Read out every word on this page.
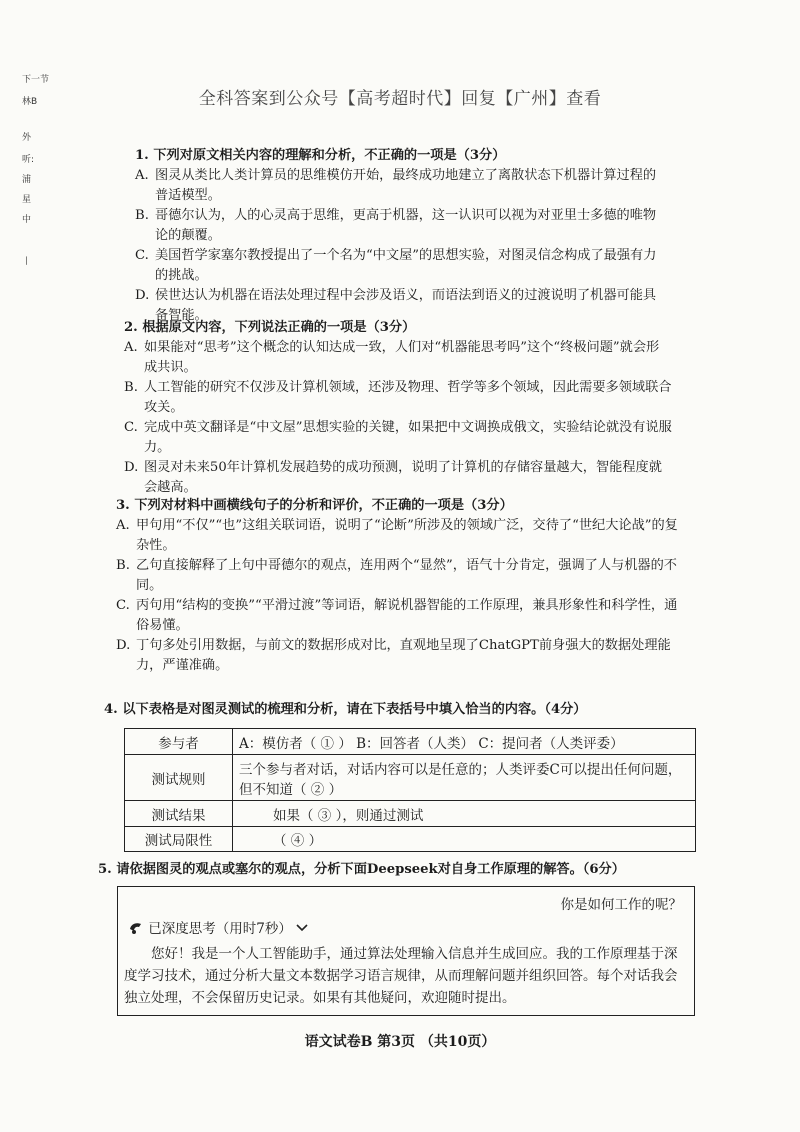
下一节
林B
外
听:
浦
星
中
丨
全科答案到公众号【高考超时代】回复【广州】查看
1. 下列对原文相关内容的理解和分析，不正确的一项是（3分）
A. 图灵从类比人类计算员的思维模仿开始，最终成功地建立了离散状态下机器计算过程的普适模型。
B. 哥德尔认为，人的心灵高于思维，更高于机器，这一认识可以视为对亚里士多德的唯物论的颠覆。
C. 美国哲学家塞尔教授提出了一个名为“中文屋”的思想实验，对图灵信念构成了最强有力的挑战。
D. 侯世达认为机器在语法处理过程中会涉及语义，而语法到语义的过渡说明了机器可能具备智能。
2. 根据原文内容，下列说法正确的一项是（3分）
A. 如果能对“思考”这个概念的认知达成一致，人们对“机器能思考吗”这个“终极问题”就会形成共识。
B. 人工智能的研究不仅涉及计算机领域，还涉及物理、哲学等多个领域，因此需要多领域联合攻关。
C. 完成中英文翻译是“中文屋”思想实验的关键，如果把中文调换成俄文，实验结论就没有说服力。
D. 图灵对未来50年计算机发展趋势的成功预测，说明了计算机的存储容量越大，智能程度就会越高。
3. 下列对材料中画横线句子的分析和评价，不正确的一项是（3分）
A. 甲句用“不仅”“也”这组关联词语，说明了“论断”所涉及的领域广泛，交待了“世纪大论战”的复杂性。
B. 乙句直接解释了上句中哥德尔的观点，连用两个“显然”，语气十分肯定，强调了人与机器的不同。
C. 丙句用“结构的变换”“平滑过渡”等词语，解说机器智能的工作原理，兼具形象性和科学性，通俗易懂。
D. 丁句多处引用数据，与前文的数据形成对比，直观地呈现了ChatGPT前身强大的数据处理能力，严谨准确。
4. 以下表格是对图灵测试的梳理和分析，请在下表括号中填入恰当的内容。（4分）
参与者	A：模仿者（ ① ） B：回答者（人类） C：提问者（人类评委）
测试规则	三个参与者对话，对话内容可以是任意的；人类评委C可以提出任何问题，但不知道（ ② ）
测试结果	如果（ ③ ），则通过测试
测试局限性	（ ④ ）
5. 请依据图灵的观点或塞尔的观点，分析下面Deepseek对自身工作原理的解答。（6分）
你是如何工作的呢？
已深度思考（用时7秒）
您好！我是一个人工智能助手，通过算法处理输入信息并生成回应。我的工作原理基于深度学习技术，通过分析大量文本数据学习语言规律，从而理解问题并组织回答。每个对话我会独立处理，不会保留历史记录。如果有其他疑问，欢迎随时提出。
语文试卷B 第3页 （共10页）
